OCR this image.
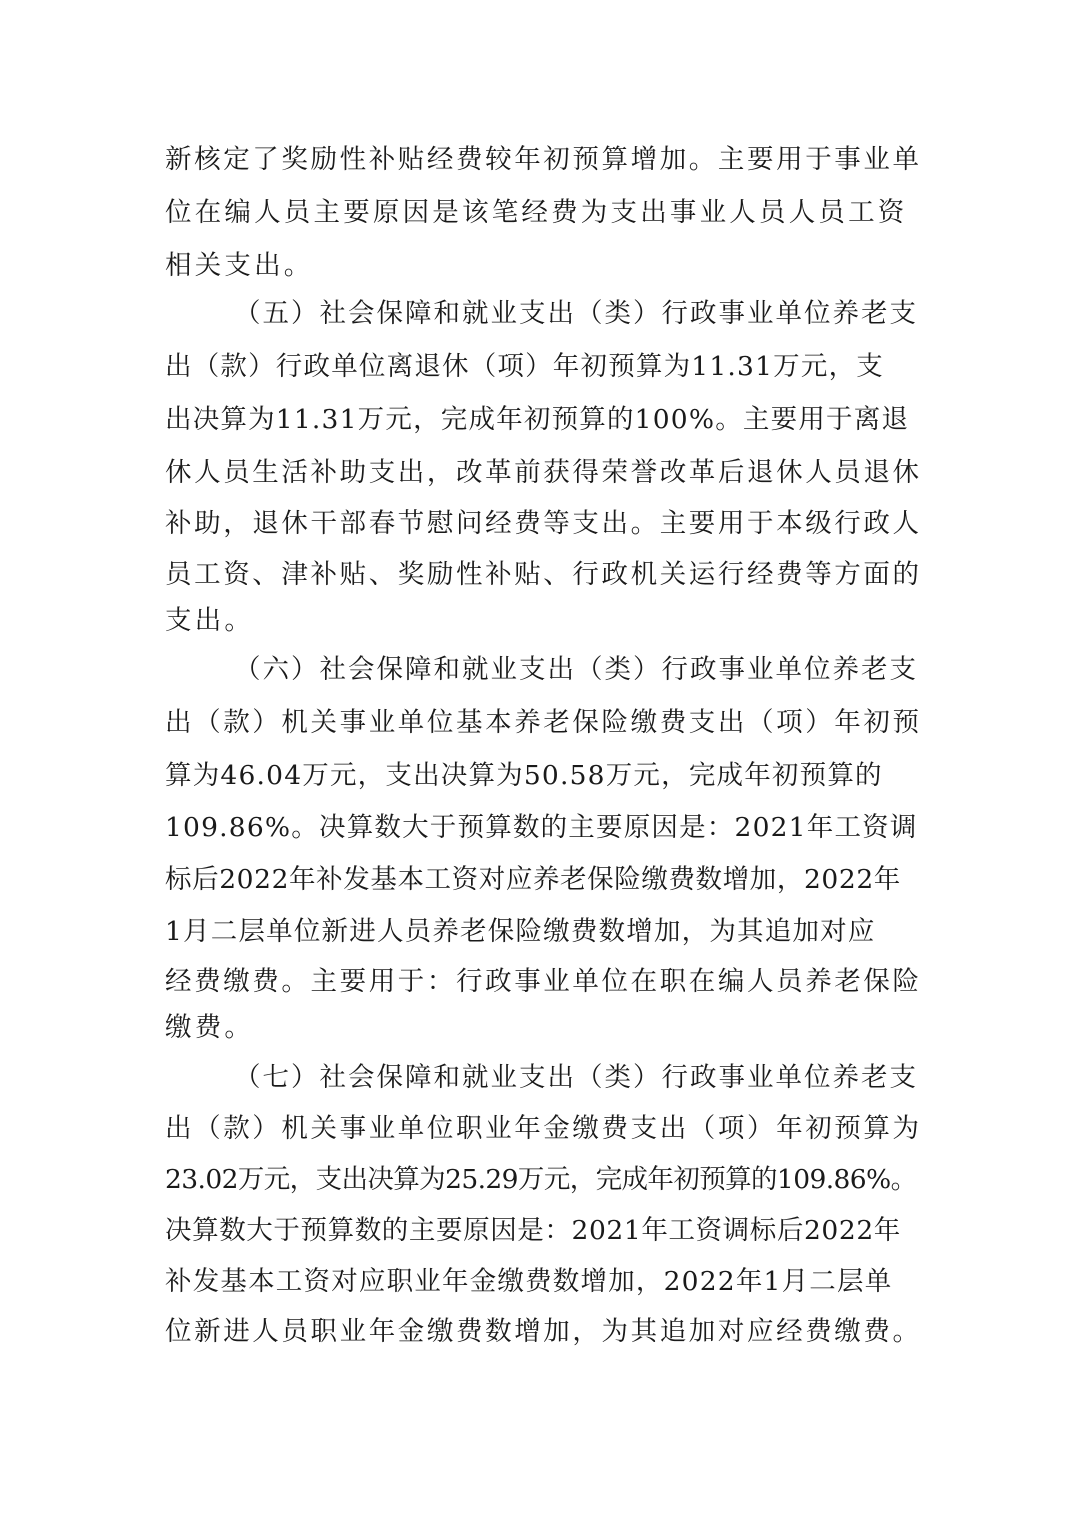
新核定了奖励性补贴经费较年初预算增加。主要用于事业单
位在编人员主要原因是该笔经费为支出事业人员人员工资
相关支出。
（五）社会保障和就业支出（类）行政事业单位养老支
出（款）行政单位离退休（项）年初预算为11.31万元，支
出决算为11.31万元，完成年初预算的100%。主要用于离退
休人员生活补助支出，改革前获得荣誉改革后退休人员退休
补助，退休干部春节慰问经费等支出。主要用于本级行政人
员工资、津补贴、奖励性补贴、行政机关运行经费等方面的
支出。
（六）社会保障和就业支出（类）行政事业单位养老支
出（款）机关事业单位基本养老保险缴费支出（项）年初预
算为46.04万元，支出决算为50.58万元，完成年初预算的
109.86%。决算数大于预算数的主要原因是：2021年工资调
标后2022年补发基本工资对应养老保险缴费数增加，2022年
1月二层单位新进人员养老保险缴费数增加，为其追加对应
经费缴费。主要用于：行政事业单位在职在编人员养老保险
缴费。
（七）社会保障和就业支出（类）行政事业单位养老支
出（款）机关事业单位职业年金缴费支出（项）年初预算为
23.02万元，支出决算为25.29万元，完成年初预算的109.86%。
决算数大于预算数的主要原因是：2021年工资调标后2022年
补发基本工资对应职业年金缴费数增加，2022年1月二层单
位新进人员职业年金缴费数增加，为其追加对应经费缴费。
